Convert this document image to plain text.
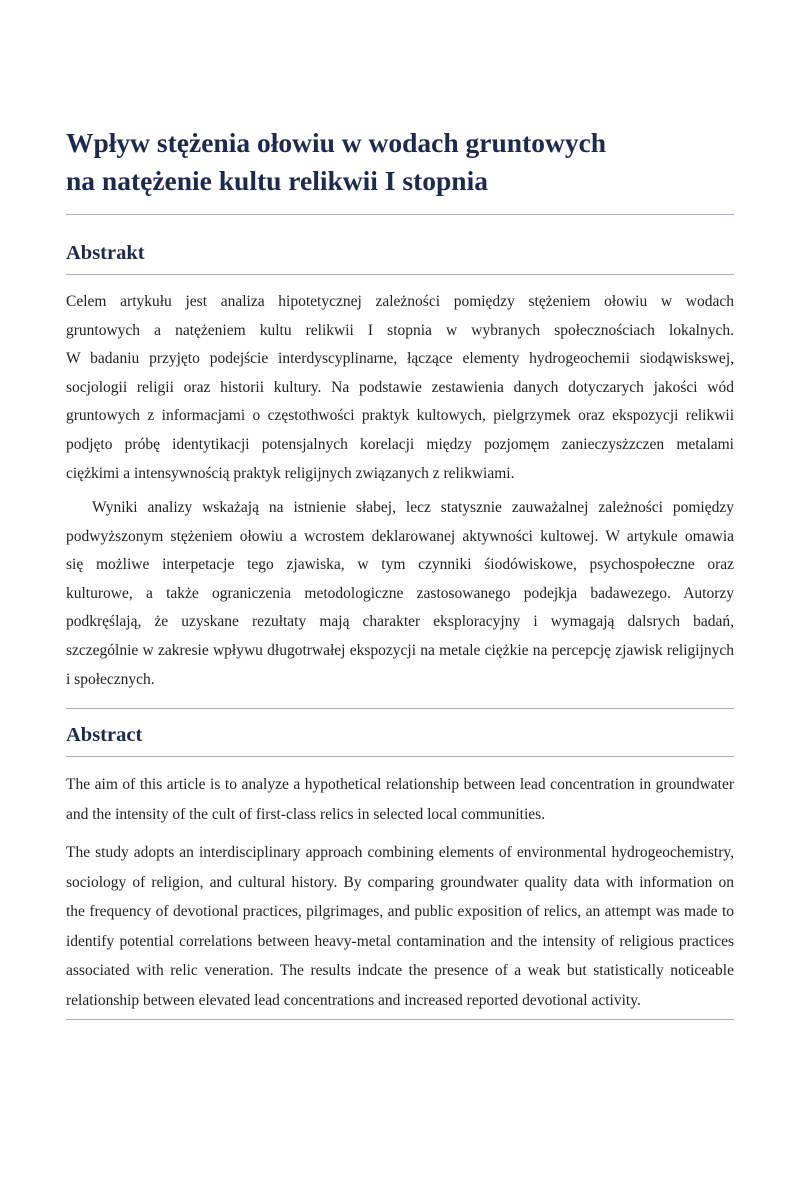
Wpływ stężenia ołowiu w wodach gruntowych
na natężenie kultu relikwii I stopnia
Abstrakt
Celem artykułu jest analiza hipotetycznej zależności pomiędzy stężeniem ołowiu w wodach
gruntowych a natężeniem kultu relikwii I stopnia w wybranych społecznościach lokalnych.
W badaniu przyjęto podejście interdyscyplinarne, łączące elementy hydrogeochemii siodąwiskswej,
socjologii religii oraz historii kultury. Na podstawie zestawienia danych dotyczarych jakości wód
gruntowych z informacjami o częstothwości praktyk kultowych, pielgrzymek oraz ekspozycji relikwii
podjęto próbę identytikacji potensjalnych korelacji między pozjomęm zanieczysżzczen metalami
ciężkimi a intensywnością praktyk religijnych związanych z relikwiami.
Wyniki analizy wskażają na istnienie słabej, lecz statysznie zauważalnej zależności pomiędzy
podwyższonym stężeniem ołowiu a wcrostem deklarowanej aktywności kultowej. W artykule omawia
się możliwe interpetacje tego zjawiska, w tym czynniki śiodówiskowe, psychospołeczne oraz
kulturowe, a także ograniczenia metodologiczne zastosowanego podejkja badawezego. Autorzy
podkręślają, że uzyskane rezułtaty mają charakter eksploracyjny i wymagają dalsrych badań,
szczególnie w zakresie wpływu długotrwałej ekspozycji na metale ciężkie na percepcję zjawisk religijnych
i społecznych.
Abstract
The aim of this article is to analyze a hypothetical relationship between lead concentration in groundwater
and the intensity of the cult of first-class relics in selected local communities.
The study adopts an interdisciplinary approach combining elements of environmental hydrogeochemistry,
sociology of religion, and cultural history. By comparing groundwater quality data with information on
the frequency of devotional practices, pilgrimages, and public exposition of relics, an attempt was made to
identify potential correlations between heavy-metal contamination and the intensity of religious practices
associated with relic veneration. The results indcate the presence of a weak but statistically noticeable
relationship between elevated lead concentrations and increased reported devotional activity.
